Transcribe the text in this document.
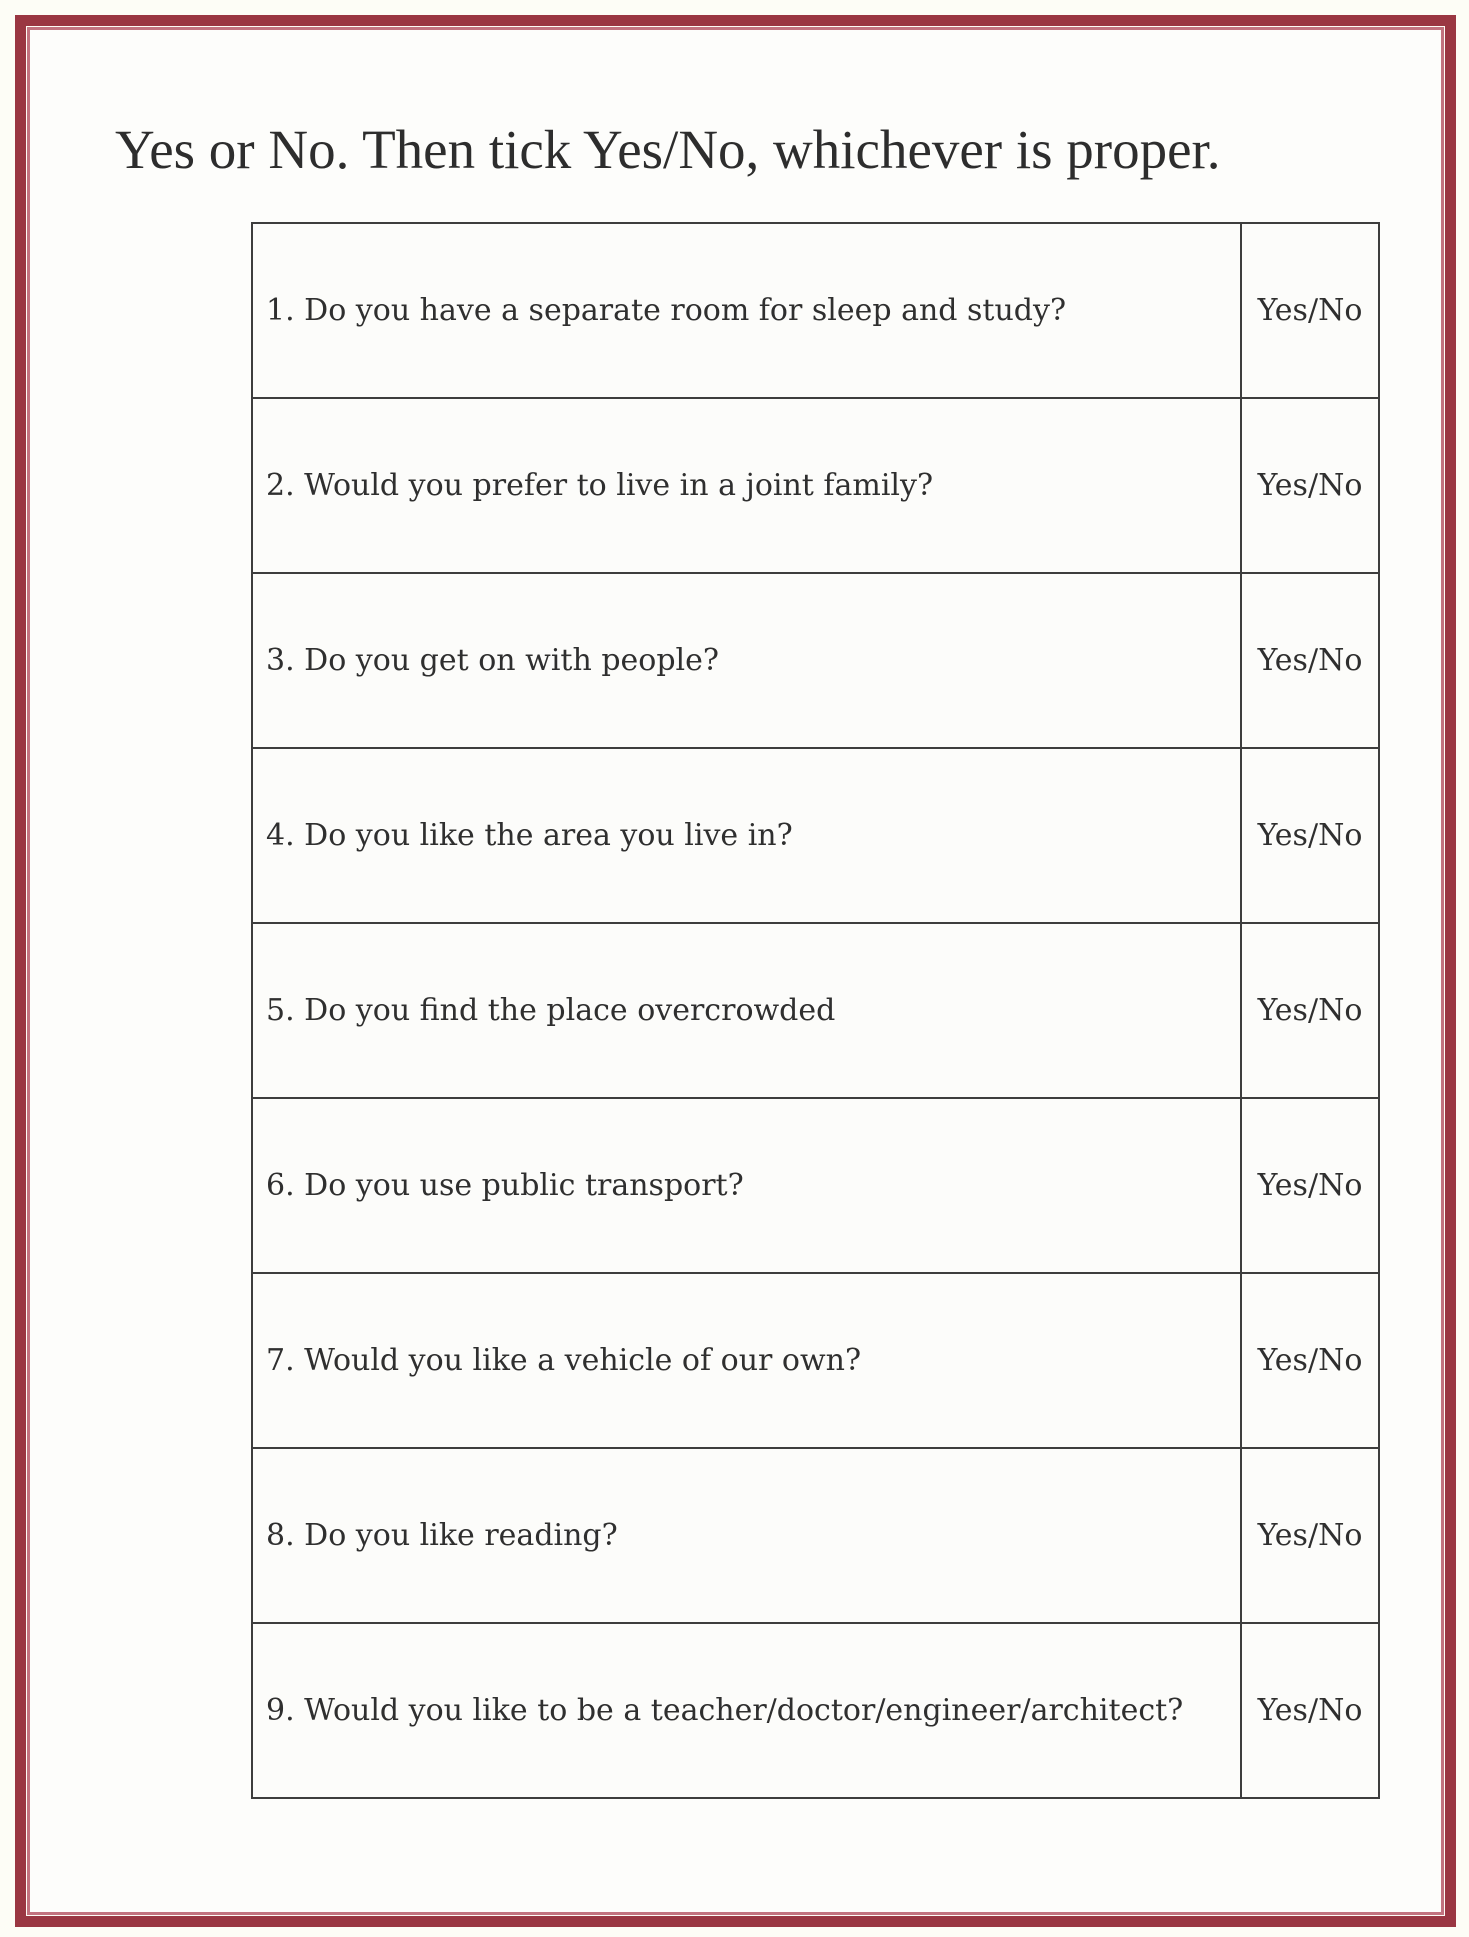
Yes or No. Then tick Yes/No, whichever is proper.
1. Do you have a separate room for sleep and study?	Yes/No
2. Would you prefer to live in a joint family?	Yes/No
3. Do you get on with people?	Yes/No
4. Do you like the area you live in?	Yes/No
5. Do you find the place overcrowded	Yes/No
6. Do you use public transport?	Yes/No
7. Would you like a vehicle of our own?	Yes/No
8. Do you like reading?	Yes/No
9. Would you like to be a teacher/doctor/engineer/architect?	Yes/No
